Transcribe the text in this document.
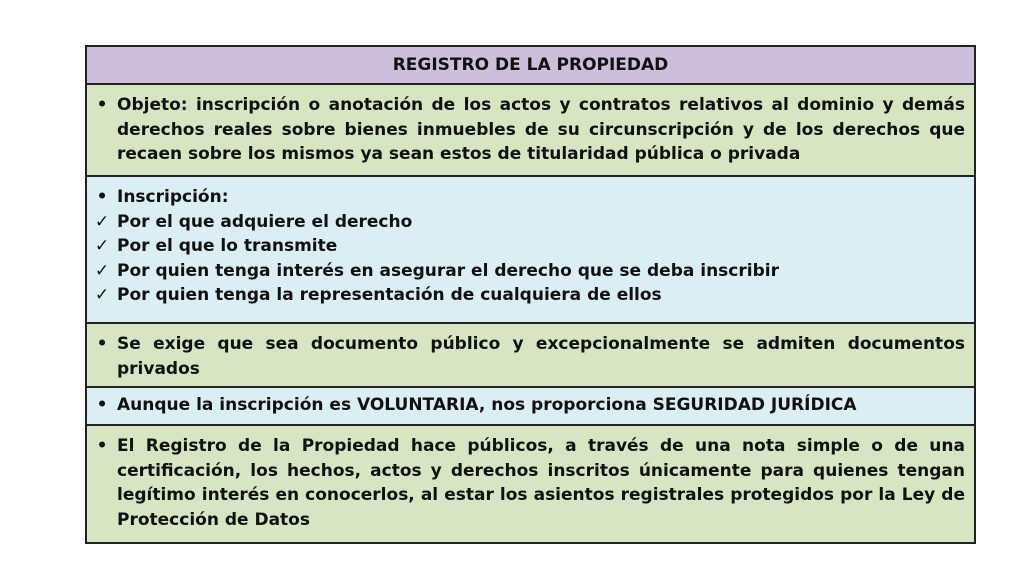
REGISTRO DE LA PROPIEDAD
• Objeto: inscripción o anotación de los actos y contratos relativos al dominio y demás derechos reales sobre bienes inmuebles de su circunscripción y de los derechos que recaen sobre los mismos ya sean estos de titularidad pública o privada
• Inscripción:
✓ Por el que adquiere el derecho
✓ Por el que lo transmite
✓ Por quien tenga interés en asegurar el derecho que se deba inscribir
✓ Por quien tenga la representación de cualquiera de ellos
• Se exige que sea documento público y excepcionalmente se admiten documentos privados
• Aunque la inscripción es VOLUNTARIA, nos proporciona SEGURIDAD JURÍDICA
• El Registro de la Propiedad hace públicos, a través de una nota simple o de una certificación, los hechos, actos y derechos inscritos únicamente para quienes tengan legítimo interés en conocerlos, al estar los asientos registrales protegidos por la Ley de Protección de Datos
